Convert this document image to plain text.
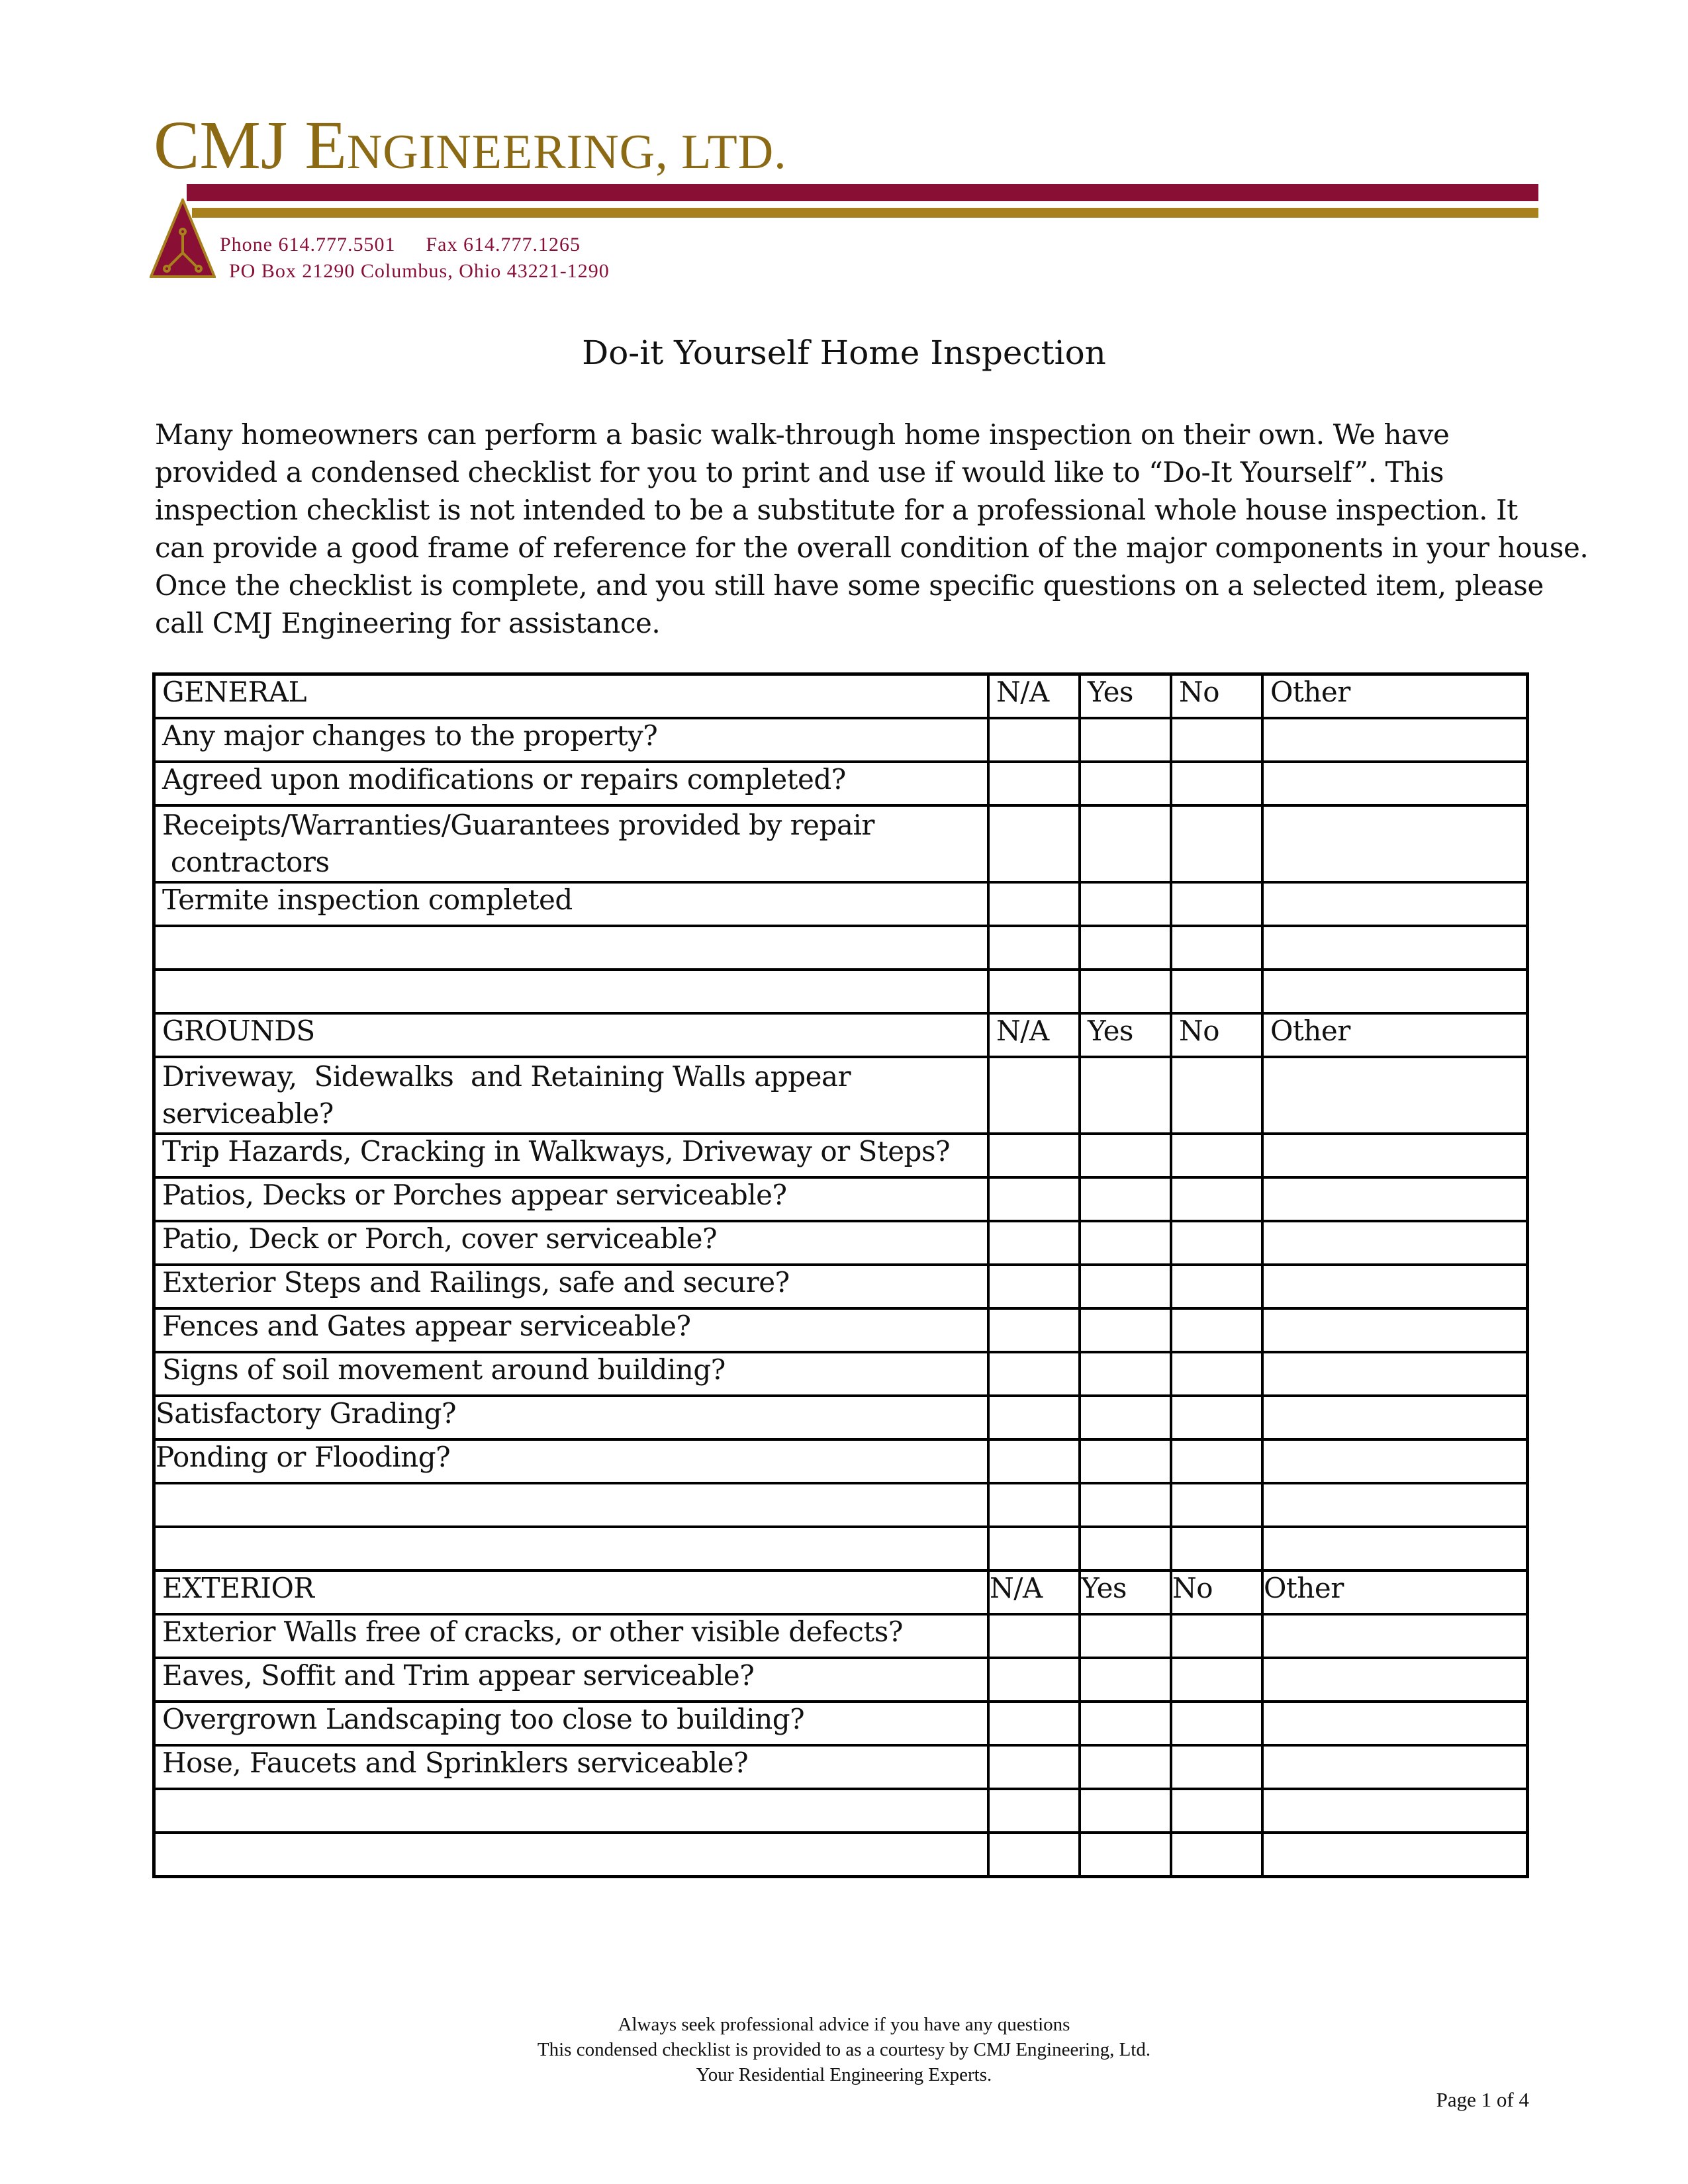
CMJ ENGINEERING, LTD.
Phone 614.777.5501 Fax 614.777.1265
PO Box 21290 Columbus, Ohio 43221-1290
Do-it Yourself Home Inspection
Many homeowners can perform a basic walk-through home inspection on their own. We have
provided a condensed checklist for you to print and use if would like to “Do-It Yourself”. This
inspection checklist is not intended to be a substitute for a professional whole house inspection. It
can provide a good frame of reference for the overall condition of the major components in your house.
Once the checklist is complete, and you still have some specific questions on a selected item, please
call CMJ Engineering for assistance.
GENERAL	N/A	Yes	No	Other
Any major changes to the property?				
Agreed upon modifications or repairs completed?				

Receipts/Warranties/Guarantees provided by repair
contractors				

Termite inspection completed				

GROUNDS	N/A	Yes	No	Other

Driveway,  Sidewalks  and Retaining Walls appear
serviceable?				

Trip Hazards, Cracking in Walkways, Driveway or Steps?				
Patios, Decks or Porches appear serviceable?				
Patio, Deck or Porch, cover serviceable?				
Exterior Steps and Railings, safe and secure?				
Fences and Gates appear serviceable?				
Signs of soil movement around building?				
Satisfactory Grading?				
Ponding or Flooding?				

EXTERIOR	N/A	Yes	No	Other
Exterior Walls free of cracks, or other visible defects?				
Eaves, Soffit and Trim appear serviceable?				
Overgrown Landscaping too close to building?				
Hose, Faucets and Sprinklers serviceable?				

Always seek professional advice if you have any questions
This condensed checklist is provided to as a courtesy by CMJ Engineering, Ltd.
Your Residential Engineering Experts.
Page 1 of 4
